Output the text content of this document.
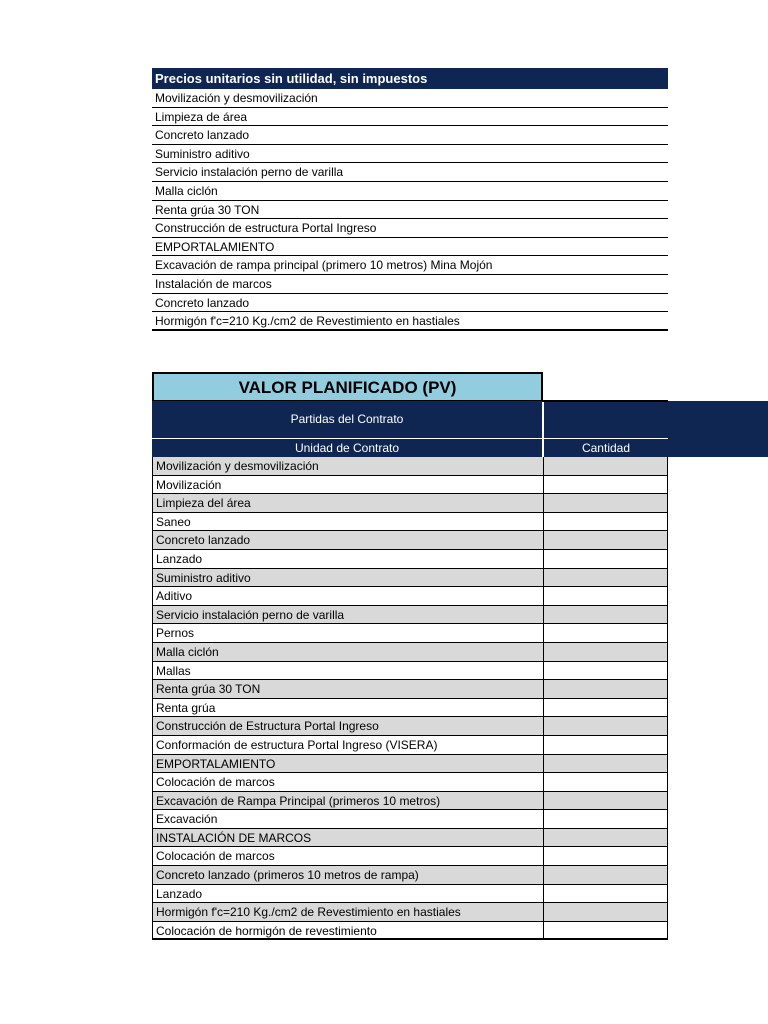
Precios unitarios sin utilidad, sin impuestos
Movilización y desmovilización
Limpieza de área
Concreto lanzado
Suministro aditivo
Servicio instalación perno de varilla
Malla ciclón
Renta grúa 30 TON
Construcción de estructura Portal Ingreso
EMPORTALAMIENTO
Excavación de rampa principal (primero 10 metros) Mina Mojón
Instalación de marcos
Concreto lanzado
Hormigón f'c=210 Kg./cm2 de Revestimiento en hastiales
VALOR PLANIFICADO (PV)
Partidas del Contrato
Unidad de Contrato	Cantidad
Movilización y desmovilización
Movilización
Limpieza del área
Saneo
Concreto lanzado
Lanzado
Suministro aditivo
Aditivo
Servicio instalación perno de varilla
Pernos
Malla ciclón
Mallas
Renta grúa 30 TON
Renta grúa
Construcción de Estructura Portal Ingreso
Conformación de estructura Portal Ingreso (VISERA)
EMPORTALAMIENTO
Colocación de marcos
Excavación de Rampa Principal (primeros 10 metros)
Excavación
INSTALACIÓN DE MARCOS
Colocación de marcos
Concreto lanzado (primeros 10 metros de rampa)
Lanzado
Hormigón f'c=210 Kg./cm2 de Revestimiento en hastiales
Colocación de hormigón de revestimiento
